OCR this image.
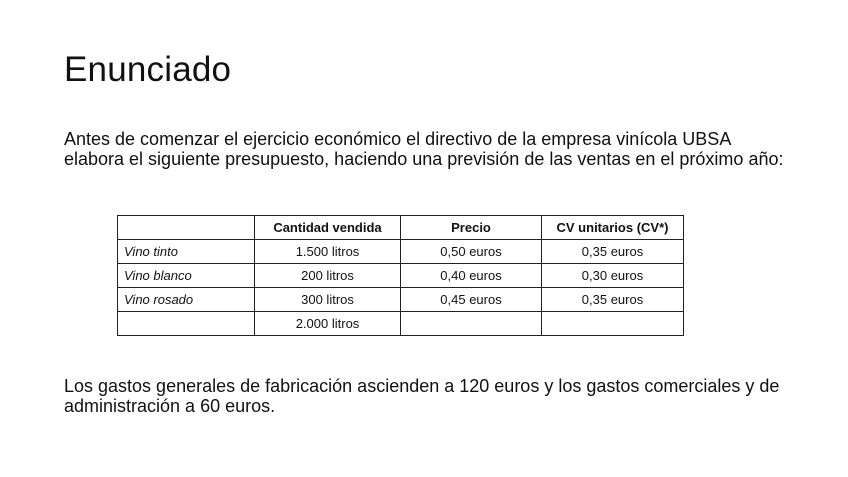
Enunciado

Antes de comenzar el ejercicio económico el directivo de la empresa vinícola UBSA elabora el siguiente presupuesto, haciendo una previsión de las ventas en el próximo año:

	Cantidad vendida	Precio	CV unitarios (CV*)
Vino tinto	1.500 litros	0,50 euros	0,35 euros
Vino blanco	200 litros	0,40 euros	0,30 euros
Vino rosado	300 litros	0,45 euros	0,35 euros
	2.000 litros		

Los gastos generales de fabricación ascienden a 120 euros y los gastos comerciales y de administración a 60 euros.
